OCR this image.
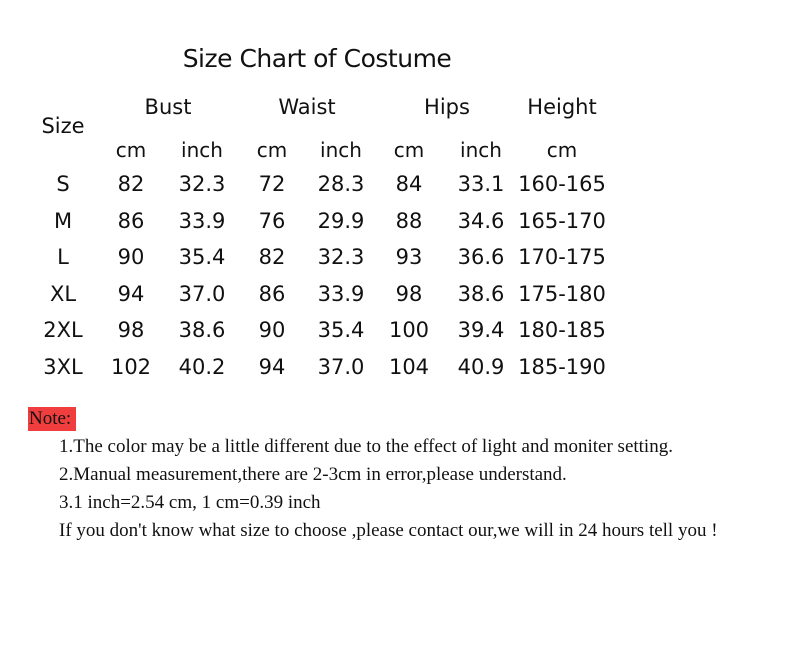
Size Chart of Costume
Size
Bust	Waist	Hips	Height
cm inch cm inch cm inch cm
S 82 32.3 72 28.3 84 33.1 160-165
M 86 33.9 76 29.9 88 34.6 165-170
L 90 35.4 82 32.3 93 36.6 170-175
XL 94 37.0 86 33.9 98 38.6 175-180
2XL 98 38.6 90 35.4 100 39.4 180-185
3XL 102 40.2 94 37.0 104 40.9 185-190
Note:
1.The color may be a little different due to the effect of light and moniter setting.
2.Manual measurement,there are 2-3cm in error,please understand.
3.1 inch=2.54 cm, 1 cm=0.39 inch
If you don't know what size to choose ,please contact our,we will in 24 hours tell you !
